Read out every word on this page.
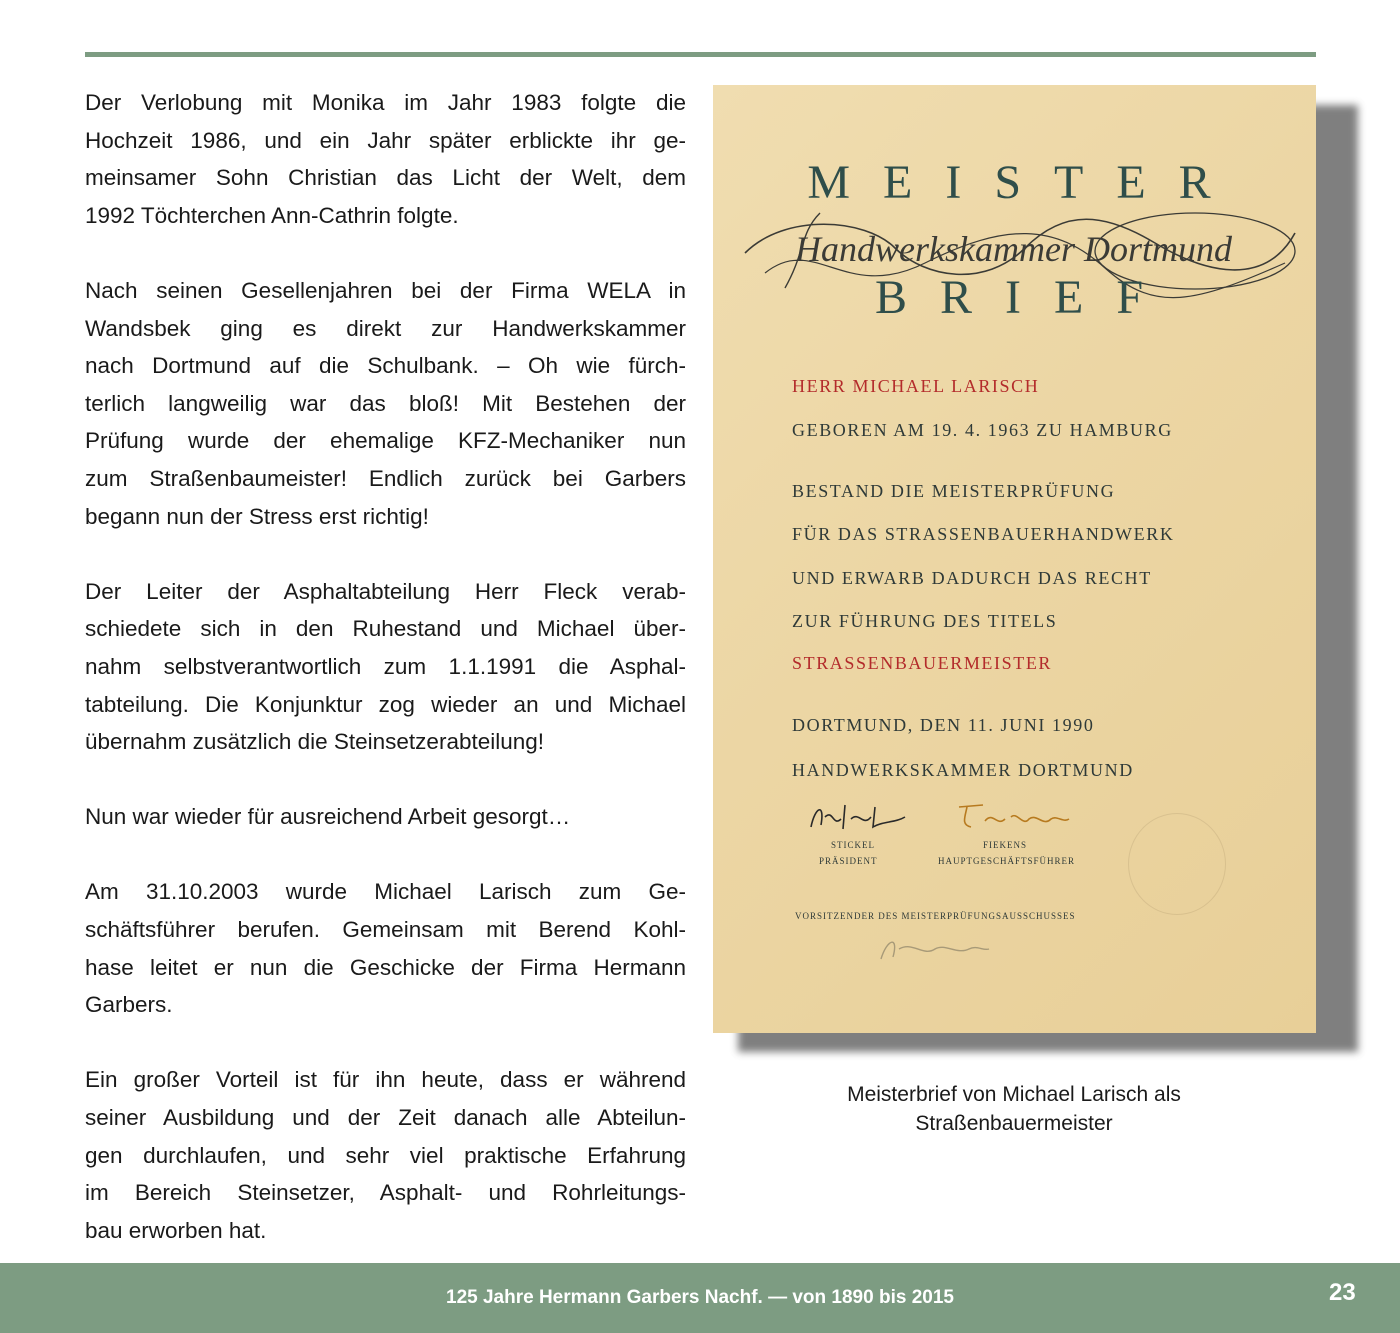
Der Verlobung mit Monika im Jahr 1983 folgte die
Hochzeit 1986, und ein Jahr später erblickte ihr ge-
meinsamer Sohn Christian das Licht der Welt, dem
1992 Töchterchen Ann-Cathrin folgte.

Nach seinen Gesellenjahren bei der Firma WELA in
Wandsbek ging es direkt zur Handwerkskammer
nach Dortmund auf die Schulbank. – Oh wie fürch-
terlich langweilig war das bloß! Mit Bestehen der
Prüfung wurde der ehemalige KFZ-Mechaniker nun
zum Straßenbaumeister! Endlich zurück bei Garbers
begann nun der Stress erst richtig!

Der Leiter der Asphaltabteilung Herr Fleck verab-
schiedete sich in den Ruhestand und Michael über-
nahm selbstverantwortlich zum 1.1.1991 die Asphal-
tabteilung. Die Konjunktur zog wieder an und Michael
übernahm zusätzlich die Steinsetzerabteilung!

Nun war wieder für ausreichend Arbeit gesorgt…

Am 31.10.2003 wurde Michael Larisch zum Ge-
schäftsführer berufen. Gemeinsam mit Berend Kohl-
hase leitet er nun die Geschicke der Firma Hermann
Garbers.

Ein großer Vorteil ist für ihn heute, dass er während
seiner Ausbildung und der Zeit danach alle Abteilun-
gen durchlaufen, und sehr viel praktische Erfahrung
im Bereich Steinsetzer, Asphalt- und Rohrleitungs-
bau erworben hat.

MEISTER
Handwerkskammer Dortmund
BRIEF
HERR MICHAEL LARISCH
GEBOREN AM 19. 4. 1963 ZU HAMBURG
BESTAND DIE MEISTERPRÜFUNG
FÜR DAS STRASSENBAUERHANDWERK
UND ERWARB DADURCH DAS RECHT
ZUR FÜHRUNG DES TITELS
STRASSENBAUERMEISTER
DORTMUND, DEN 11. JUNI 1990
HANDWERKSKAMMER DORTMUND
STICKEL	FIEKENS
PRÄSIDENT	HAUPTGESCHÄFTSFÜHRER
VORSITZENDER DES MEISTERPRÜFUNGSAUSSCHUSSES
Meisterbrief von Michael Larisch als
Straßenbauermeister
125 Jahre Hermann Garbers Nachf. — von 1890 bis 2015	23
